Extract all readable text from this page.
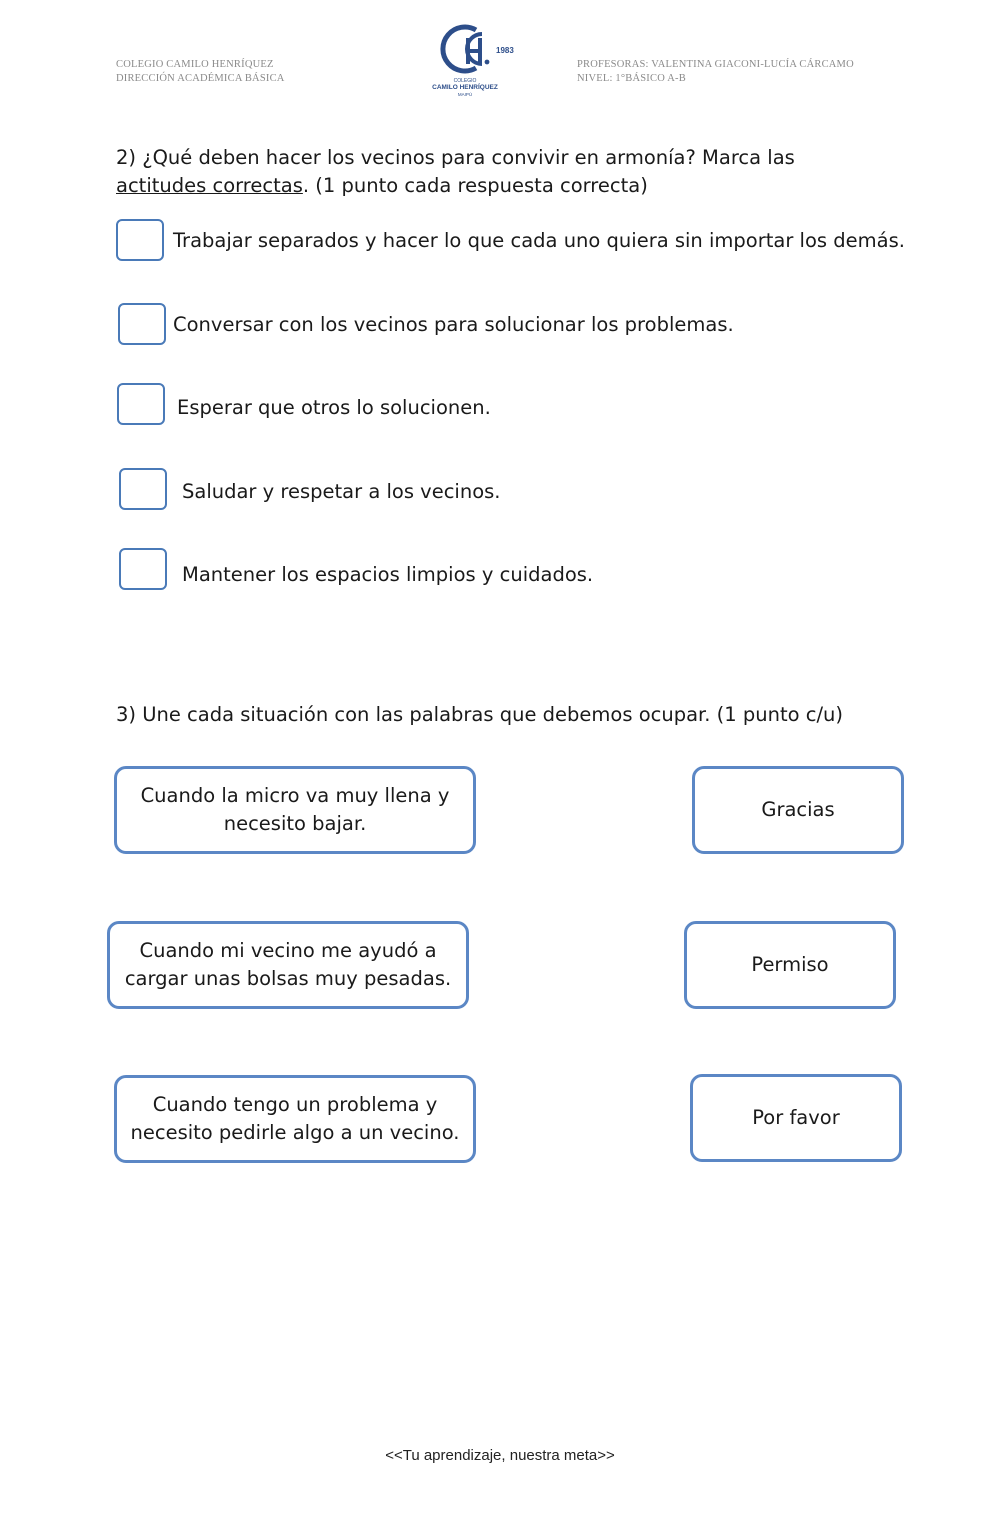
COLEGIO CAMILO HENRÍQUEZ
DIRECCIÓN ACADÉMICA BÁSICA
1983
COLEGIO
CAMILO HENRÍQUEZ
MAIPÚ
PROFESORAS: VALENTINA GIACONI-LUCÍA CÁRCAMO
NIVEL: 1°BÁSICO A-B
2) ¿Qué deben hacer los vecinos para convivir en armonía? Marca las actitudes correctas. (1 punto cada respuesta correcta)
Trabajar separados y hacer lo que cada uno quiera sin importar los demás.
Conversar con los vecinos para solucionar los problemas.
Esperar que otros lo solucionen.
Saludar y respetar a los vecinos.
Mantener los espacios limpios y cuidados.
3) Une cada situación con las palabras que debemos ocupar. (1 punto c/u)
Cuando la micro va muy llena y
necesito bajar.
Gracias
Cuando mi vecino me ayudó a
cargar unas bolsas muy pesadas.
Permiso
Cuando tengo un problema y
necesito pedirle algo a un vecino.
Por favor
<<Tu aprendizaje, nuestra meta>>
